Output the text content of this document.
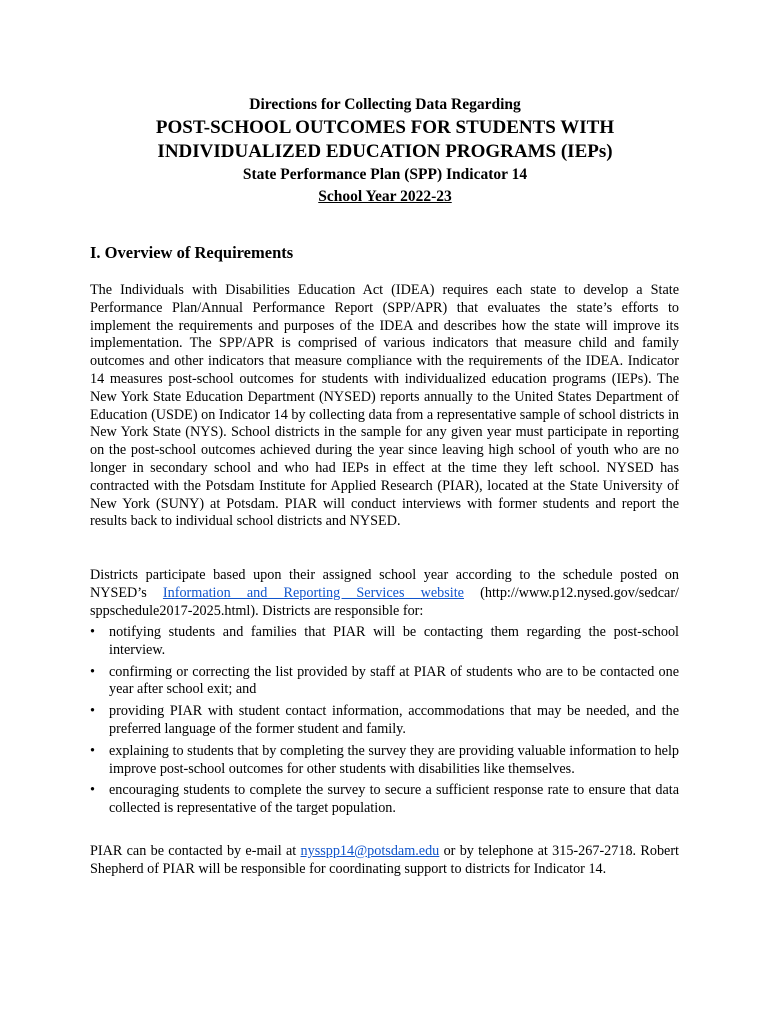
Directions for Collecting Data Regarding
POST-SCHOOL OUTCOMES FOR STUDENTS WITH
INDIVIDUALIZED EDUCATION PROGRAMS (IEPs)
State Performance Plan (SPP) Indicator 14
School Year 2022-23
I. Overview of Requirements

The Individuals with Disabilities Education Act (IDEA) requires each state to develop a State Performance Plan/Annual Performance Report (SPP/APR) that evaluates the state’s efforts to implement the requirements and purposes of the IDEA and describes how the state will improve its implementation. The SPP/APR is comprised of various indicators that measure child and family outcomes and other indicators that measure compliance with the requirements of the IDEA. Indicator 14 measures post-school outcomes for students with individualized education programs (IEPs). The New York State Education Department (NYSED) reports annually to the United States Department of Education (USDE) on Indicator 14 by collecting data from a representative sample of school districts in New York State (NYS). School districts in the sample for any given year must participate in reporting on the post-school outcomes achieved during the year since leaving high school of youth who are no longer in secondary school and who had IEPs in effect at the time they left school. NYSED has contracted with the Potsdam Institute for Applied Research (PIAR), located at the State University of New York (SUNY) at Potsdam. PIAR will conduct interviews with former students and report the results back to individual school districts and NYSED.

Districts participate based upon their assigned school year according to the schedule posted on NYSED’s Information and Reporting Services website (http://www.p12.nysed.gov/sedcar/ sppschedule2017-2025.html). Districts are responsible for:

• notifying students and families that PIAR will be contacting them regarding the post-school interview.
• confirming or correcting the list provided by staff at PIAR of students who are to be contacted one year after school exit; and
• providing PIAR with student contact information, accommodations that may be needed, and the preferred language of the former student and family.
• explaining to students that by completing the survey they are providing valuable information to help improve post-school outcomes for other students with disabilities like themselves.
• encouraging students to complete the survey to secure a sufficient response rate to ensure that data collected is representative of the target population.

PIAR can be contacted by e-mail at nysspp14@potsdam.edu or by telephone at 315-267-2718. Robert Shepherd of PIAR will be responsible for coordinating support to districts for Indicator 14.
